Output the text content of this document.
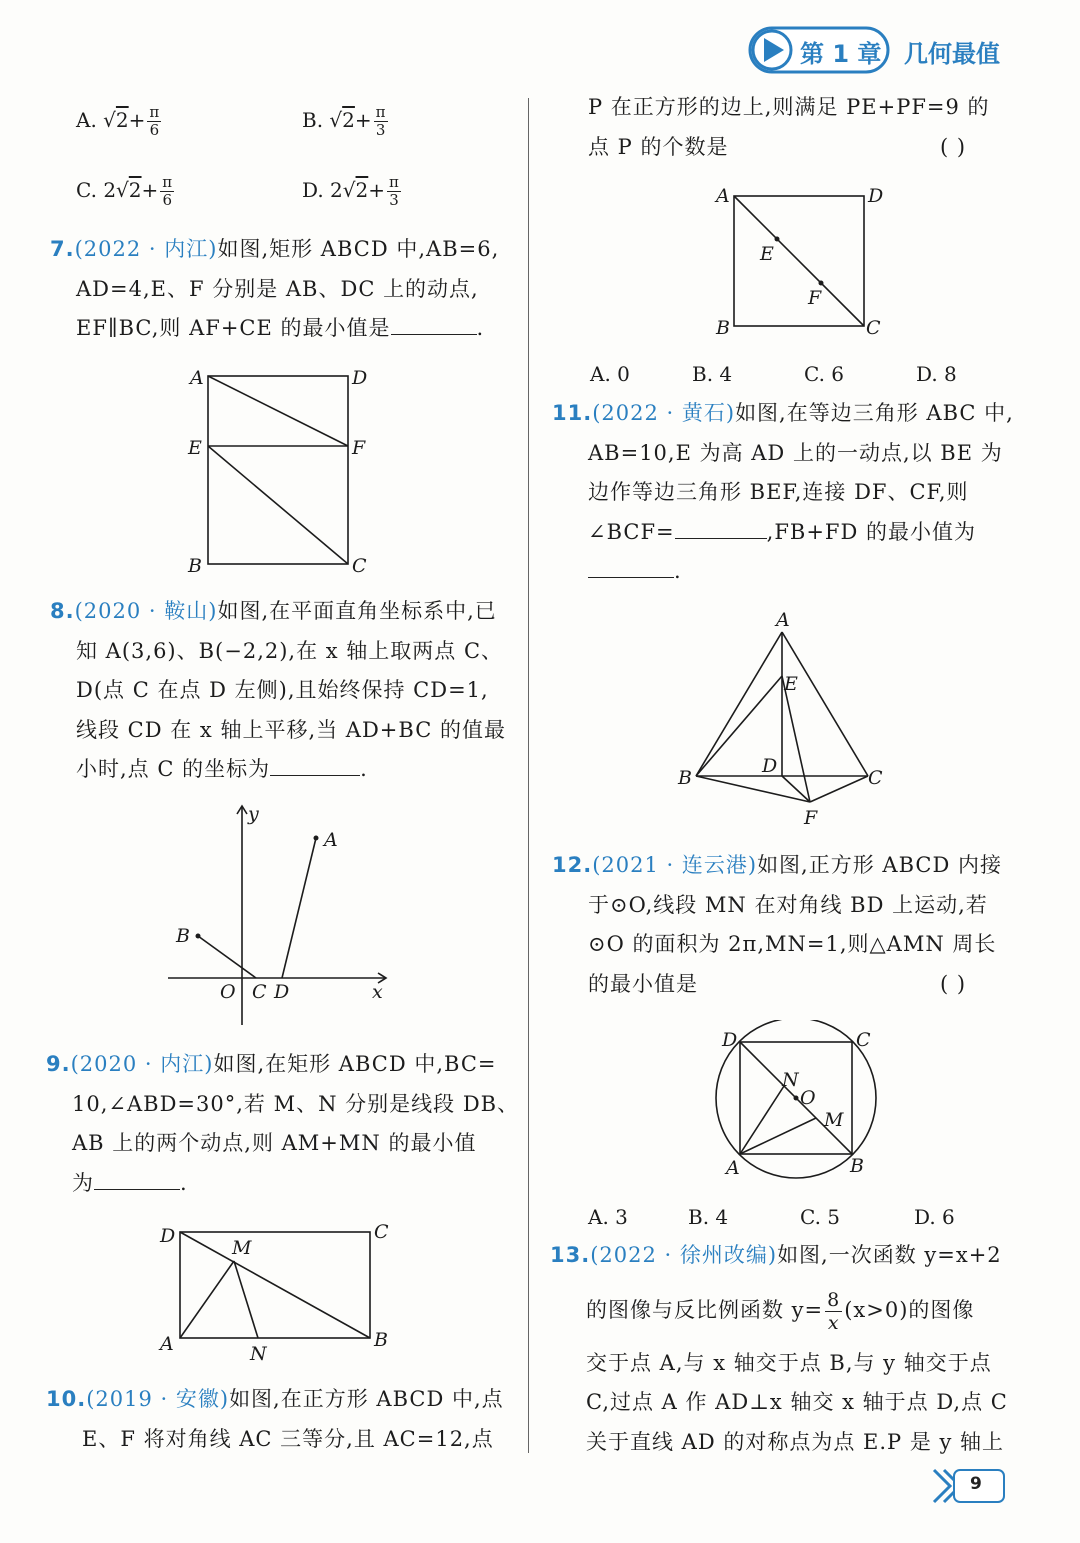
第 1 章 几何最值
A. $√2+ \frac{\pi}{6}$	B. $√2+ \frac{\pi}{3}$
C. $2√2+ \frac{\pi}{6}$	D. $2√2+ \frac{\pi}{3}$
7.(2022 · 内江)如图,矩形 ABCD 中,AB=6,
AD=4,E、F 分别是 AB、DC 上的动点,
EF∥BC,则 AF+CE 的最小值是	.
A	D
E	F
B	C
8.(2020 · 鞍山)如图,在平面直角坐标系中,已
知 A(3,6)、B(−2,2),在 x 轴上取两点 C、
D(点 C 在点 D 左侧),且始终保持 CD=1,
线段 CD 在 x 轴上平移,当 AD+BC 的值最
小时,点 C 的坐标为	.
y
x
A
B
O C D
9.(2020 · 内江)如图,在矩形 ABCD 中,BC=
10,∠ABD=30°,若 M、N 分别是线段 DB、
AB 上的两个动点,则 AM+MN 的最小值
为	.
D	C
M
A	B
N
10.(2019 · 安徽)如图,在正方形 ABCD 中,点
E、F 将对角线 AC 三等分,且 AC=12,点
P 在正方形的边上,则满足 PE+PF=9 的
点 P 的个数是	( )
A	D
E
F
B	C
A. 0	B. 4	C. 6	D. 8
11.(2022 · 黄石)如图,在等边三角形 ABC 中,
AB=10,E 为高 AD 上的一动点,以 BE 为
边作等边三角形 BEF,连接 DF、CF,则
∠BCF=	,FB+FD 的最小值为
.
A
E
B
D
C
F
12.(2021 · 连云港)如图,正方形 ABCD 内接
于⊙O,线段 MN 在对角线 BD 上运动,若
⊙O 的面积为 2π,MN=1,则△AMN 周长
的最小值是	( )
D	C
N
O
M
A	B
A. 3	B. 4	C. 5	D. 6
13.(2022 · 徐州改编)如图,一次函数 y=x+2
的图像与反比例函数 $y= \frac{8}{x} (x>0)$的图像
交于点 A,与 x 轴交于点 B,与 y 轴交于点
C,过点 A 作 AD⊥x 轴交 x 轴于点 D,点 C
关于直线 AD 的对称点为点 E.P 是 y 轴上
9
